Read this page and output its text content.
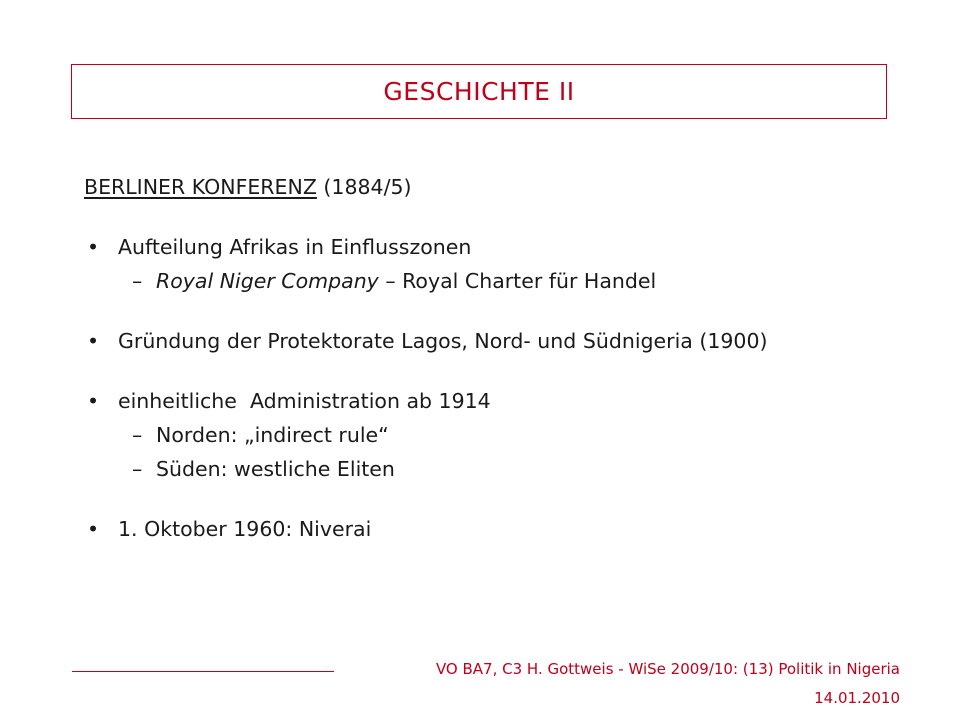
GESCHICHTE II

BERLINER KONFERENZ (1884/5)

• Aufteilung Afrikas in Einflusszonen
– Royal Niger Company – Royal Charter für Handel
• Gründung der Protektorate Lagos, Nord- und Südnigeria (1900)
• einheitliche  Administration ab 1914
– Norden: „indirect rule“
– Süden: westliche Eliten
• 1. Oktober 1960: Niverai
VO BA7, C3 H. Gottweis - WiSe 2009/10: (13) Politik in Nigeria
14.01.2010
